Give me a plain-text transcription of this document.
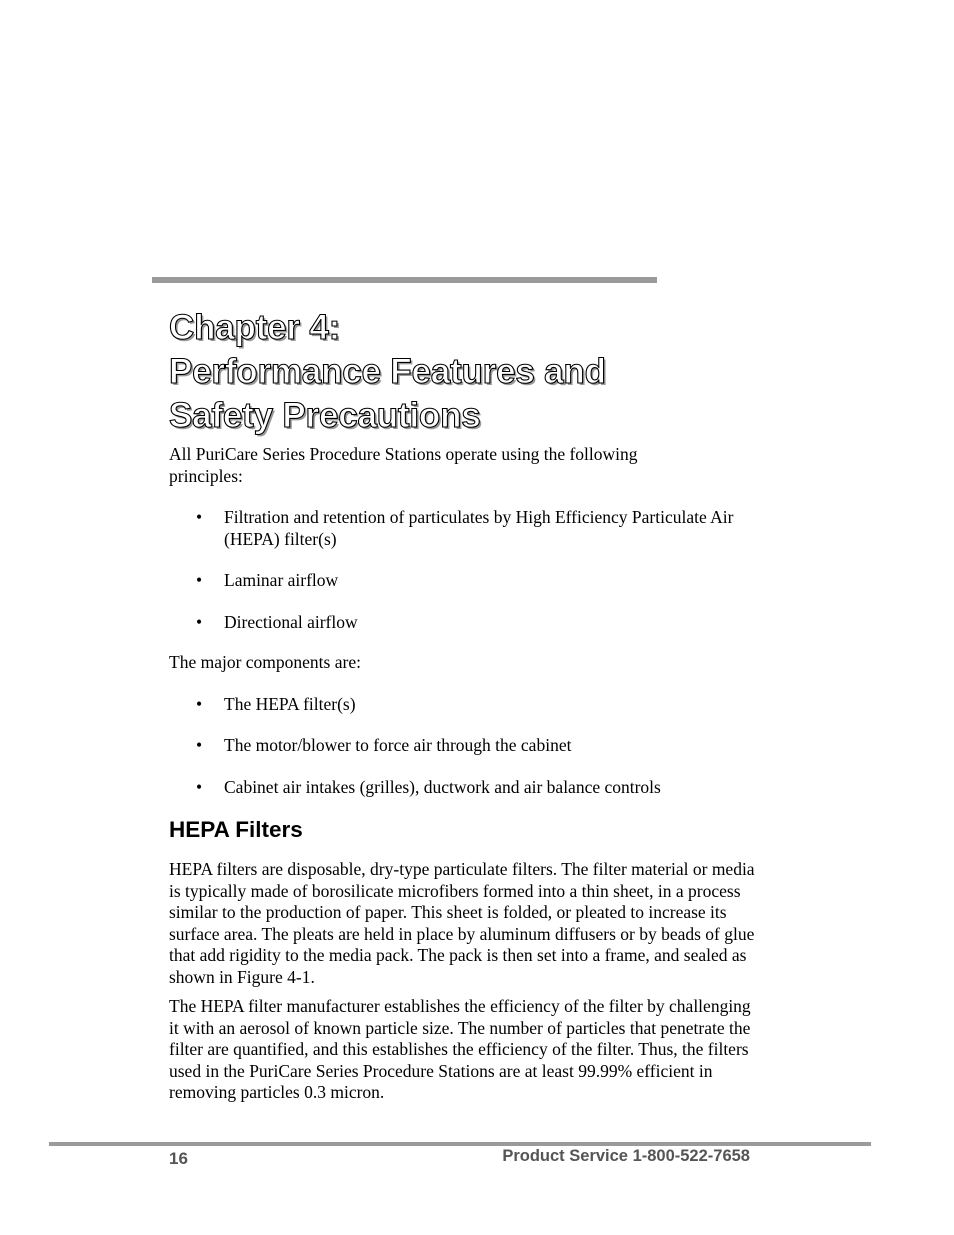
Chapter 4:
Performance Features and
Safety Precautions

All PuriCare Series Procedure Stations operate using the following principles:

•	Filtration and retention of particulates by High Efficiency Particulate Air (HEPA) filter(s)
•	Laminar airflow
•	Directional airflow

The major components are:

•	The HEPA filter(s)
•	The motor/blower to force air through the cabinet
•	Cabinet air intakes (grilles), ductwork and air balance controls
HEPA Filters

HEPA filters are disposable, dry-type particulate filters. The filter material or media is typically made of borosilicate microfibers formed into a thin sheet, in a process similar to the production of paper. This sheet is folded, or pleated to increase its surface area. The pleats are held in place by aluminum diffusers or by beads of glue that add rigidity to the media pack. The pack is then set into a frame, and sealed as shown in Figure 4-1.

The HEPA filter manufacturer establishes the efficiency of the filter by challenging it with an aerosol of known particle size. The number of particles that penetrate the filter are quantified, and this establishes the efficiency of the filter. Thus, the filters used in the PuriCare Series Procedure Stations are at least 99.99% efficient in removing particles 0.3 micron.

16	Product Service 1-800-522-7658
